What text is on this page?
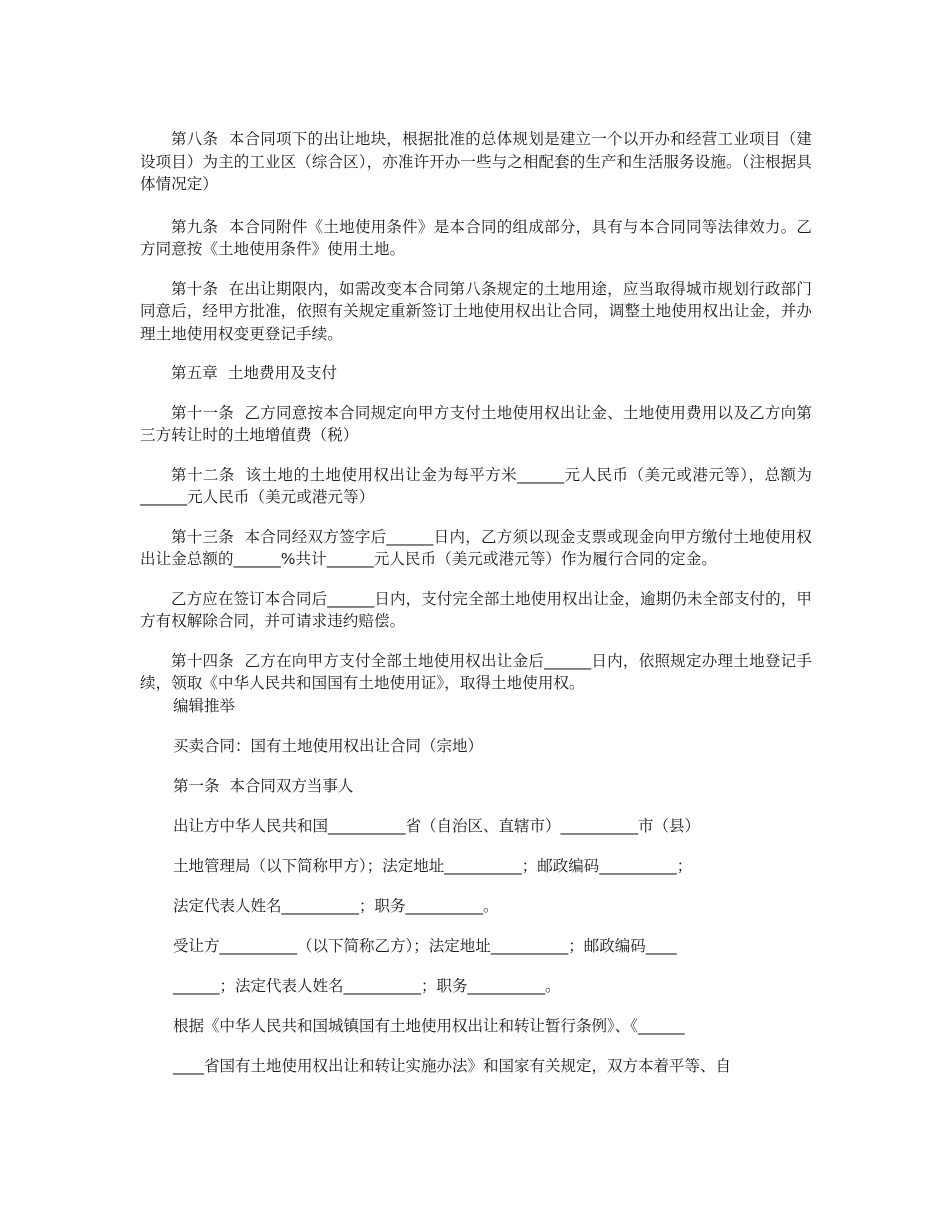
第八条  本合同项下的出让地块，根据批准的总体规划是建立一个以开办和经营工业项目（建设项目）为主的工业区（综合区），亦准许开办一些与之相配套的生产和生活服务设施。（注根据具体情况定）

第九条  本合同附件《土地使用条件》是本合同的组成部分，具有与本合同同等法律效力。乙方同意按《土地使用条件》使用土地。

第十条  在出让期限内，如需改变本合同第八条规定的土地用途，应当取得城市规划行政部门同意后，经甲方批准，依照有关规定重新签订土地使用权出让合同，调整土地使用权出让金，并办理土地使用权变更登记手续。

第五章  土地费用及支付

第十一条  乙方同意按本合同规定向甲方支付土地使用权出让金、土地使用费用以及乙方向第三方转让时的土地增值费（税）

第十二条  该土地的土地使用权出让金为每平方米______元人民币（美元或港元等），总额为______元人民币（美元或港元等）

第十三条  本合同经双方签字后______日内，乙方须以现金支票或现金向甲方缴付土地使用权出让金总额的______%共计______元人民币（美元或港元等）作为履行合同的定金。

乙方应在签订本合同后______日内，支付完全部土地使用权出让金，逾期仍未全部支付的，甲方有权解除合同，并可请求违约赔偿。

第十四条  乙方在向甲方支付全部土地使用权出让金后______日内，依照规定办理土地登记手续，领取《中华人民共和国国有土地使用证》，取得土地使用权。

编辑推举

买卖合同：国有土地使用权出让合同（宗地）

第一条  本合同双方当事人

出让方中华人民共和国__________省（自治区、直辖市）__________市（县）

土地管理局（以下简称甲方）；法定地址__________；邮政编码__________；

法定代表人姓名__________；职务__________。

受让方__________（以下简称乙方）；法定地址__________；邮政编码____

______；法定代表人姓名__________；职务__________。

根据《中华人民共和国城镇国有土地使用权出让和转让暂行条例》、《______

____省国有土地使用权出让和转让实施办法》和国家有关规定，双方本着平等、自
